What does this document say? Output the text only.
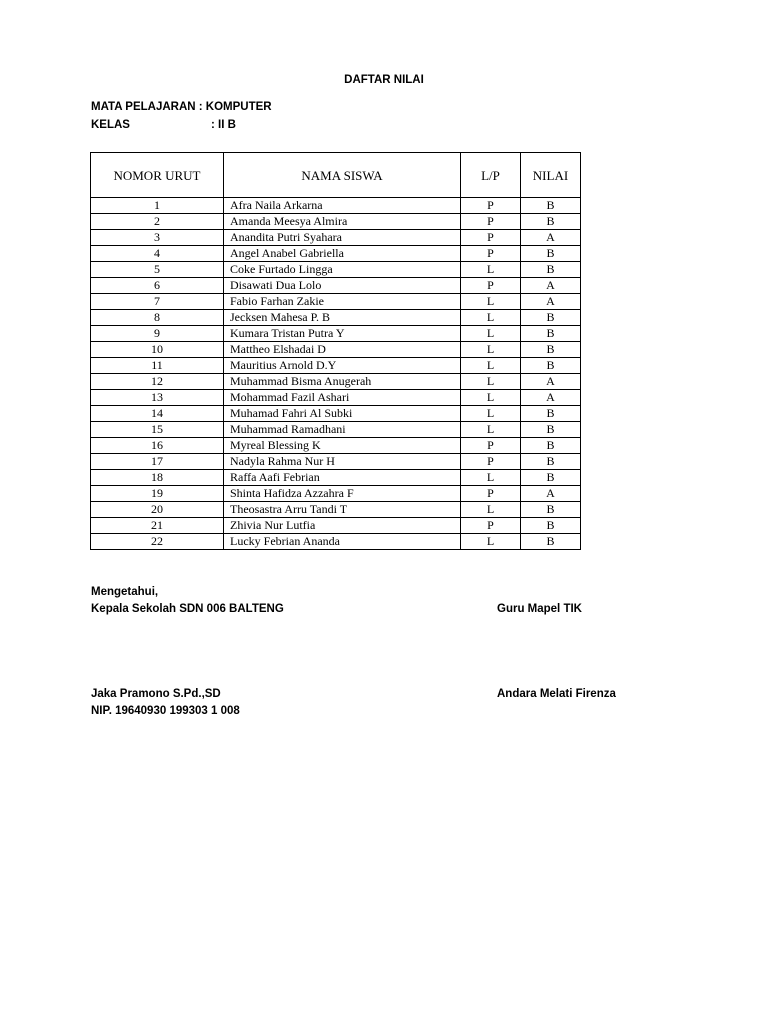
DAFTAR NILAI
MATA PELAJARAN : KOMPUTER
KELAS	: II B
NOMOR URUT	NAMA SISWA	L/P	NILAI
1	Afra Naila Arkarna	P	B
2	Amanda Meesya Almira	P	B
3	Anandita Putri Syahara	P	A
4	Angel Anabel Gabriella	P	B
5	Coke Furtado Lingga	L	B
6	Disawati Dua Lolo	P	A
7	Fabio Farhan Zakie	L	A
8	Jecksen Mahesa P. B	L	B
9	Kumara Tristan Putra Y	L	B
10	Mattheo Elshadai D	L	B
11	Mauritius Arnold D.Y	L	B
12	Muhammad Bisma Anugerah	L	A
13	Mohammad Fazil Ashari	L	A
14	Muhamad Fahri Al Subki	L	B
15	Muhammad Ramadhani	L	B
16	Myreal Blessing K	P	B
17	Nadyla Rahma Nur H	P	B
18	Raffa Aafi Febrian	L	B
19	Shinta Hafidza Azzahra F	P	A
20	Theosastra Arru Tandi T	L	B
21	Zhivia Nur Lutfia	P	B
22	Lucky Febrian Ananda	L	B
Mengetahui,
Kepala Sekolah SDN 006 BALTENG	Guru Mapel TIK
Jaka Pramono S.Pd.,SD	Andara Melati Firenza
NIP. 19640930 199303 1 008
